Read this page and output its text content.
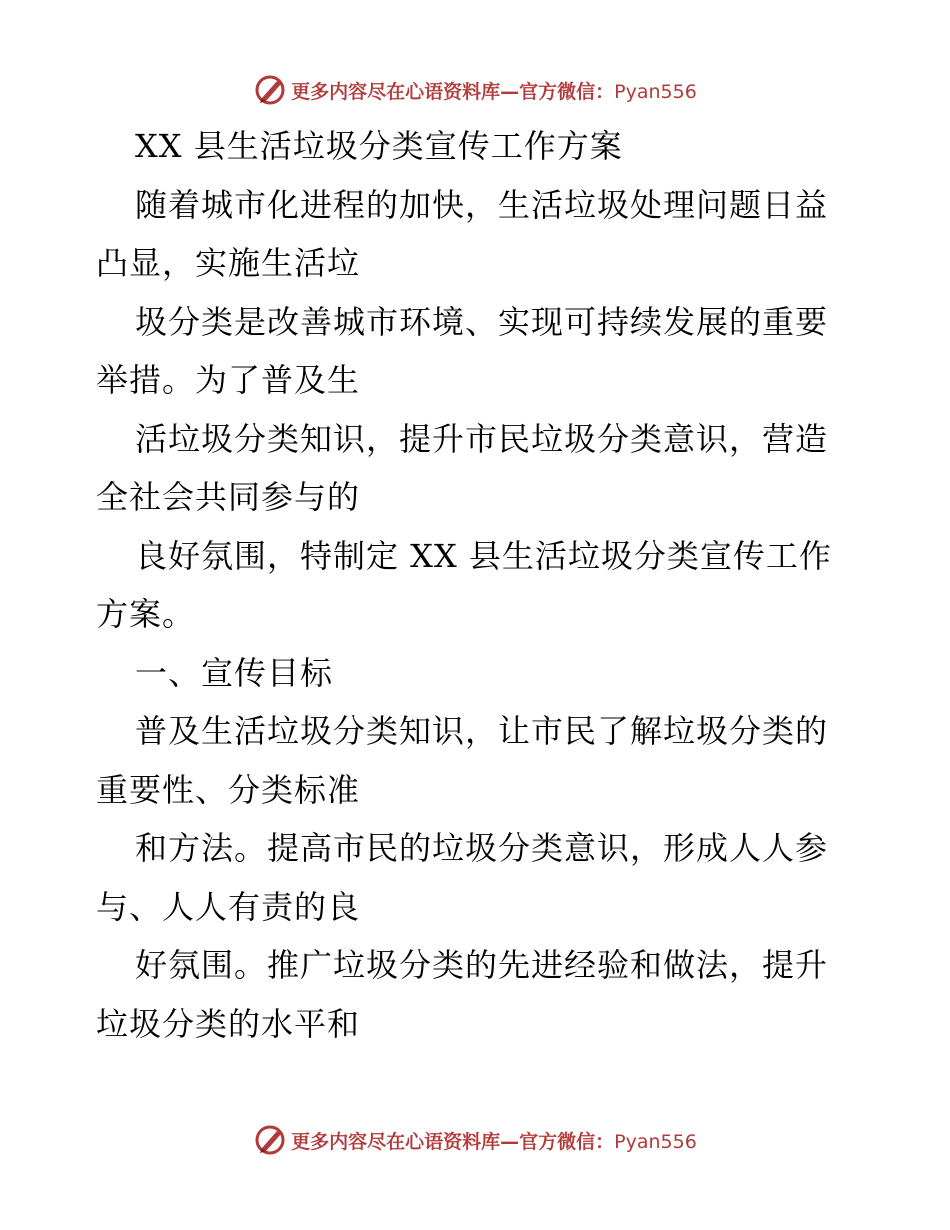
更多内容尽在心语资料库—官方微信：Pyan556
XX 县生活垃圾分类宣传工作方案
随着城市化进程的加快，生活垃圾处理问题日益
凸显，实施生活垃
圾分类是改善城市环境、实现可持续发展的重要
举措。为了普及生
活垃圾分类知识，提升市民垃圾分类意识，营造
全社会共同参与的
良好氛围，特制定 XX 县生活垃圾分类宣传工作
方案。
一、宣传目标
普及生活垃圾分类知识，让市民了解垃圾分类的
重要性、分类标准
和方法。提高市民的垃圾分类意识，形成人人参
与、人人有责的良
好氛围。推广垃圾分类的先进经验和做法，提升
垃圾分类的水平和
更多内容尽在心语资料库—官方微信：Pyan556
